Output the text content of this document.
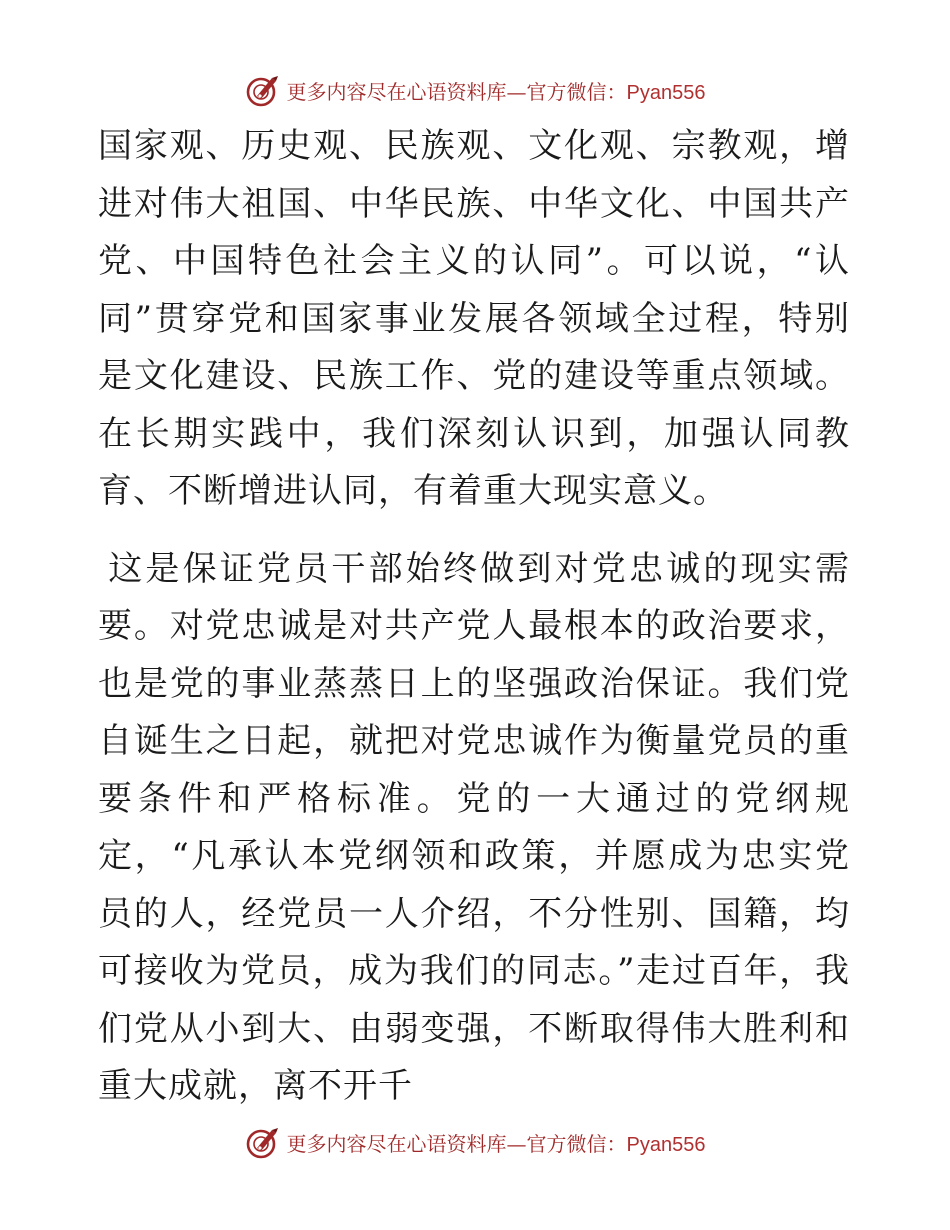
更多内容尽在心语资料库—官方微信：Pyan556

国家观、历史观、民族观、文化观、宗教观，增进对伟大祖国、中华民族、中华文化、中国共产党、中国特色社会主义的认同”。可以说，“认同”贯穿党和国家事业发展各领域全过程，特别是文化建设、民族工作、党的建设等重点领域。在长期实践中，我们深刻认识到，加强认同教育、不断增进认同，有着重大现实意义。

这是保证党员干部始终做到对党忠诚的现实需要。对党忠诚是对共产党人最根本的政治要求，也是党的事业蒸蒸日上的坚强政治保证。我们党自诞生之日起，就把对党忠诚作为衡量党员的重要条件和严格标准。党的一大通过的党纲规定，“凡承认本党纲领和政策，并愿成为忠实党员的人，经党员一人介绍，不分性别、国籍，均可接收为党员，成为我们的同志。”走过百年，我们党从小到大、由弱变强，不断取得伟大胜利和重大成就，离不开千

更多内容尽在心语资料库—官方微信：Pyan556
